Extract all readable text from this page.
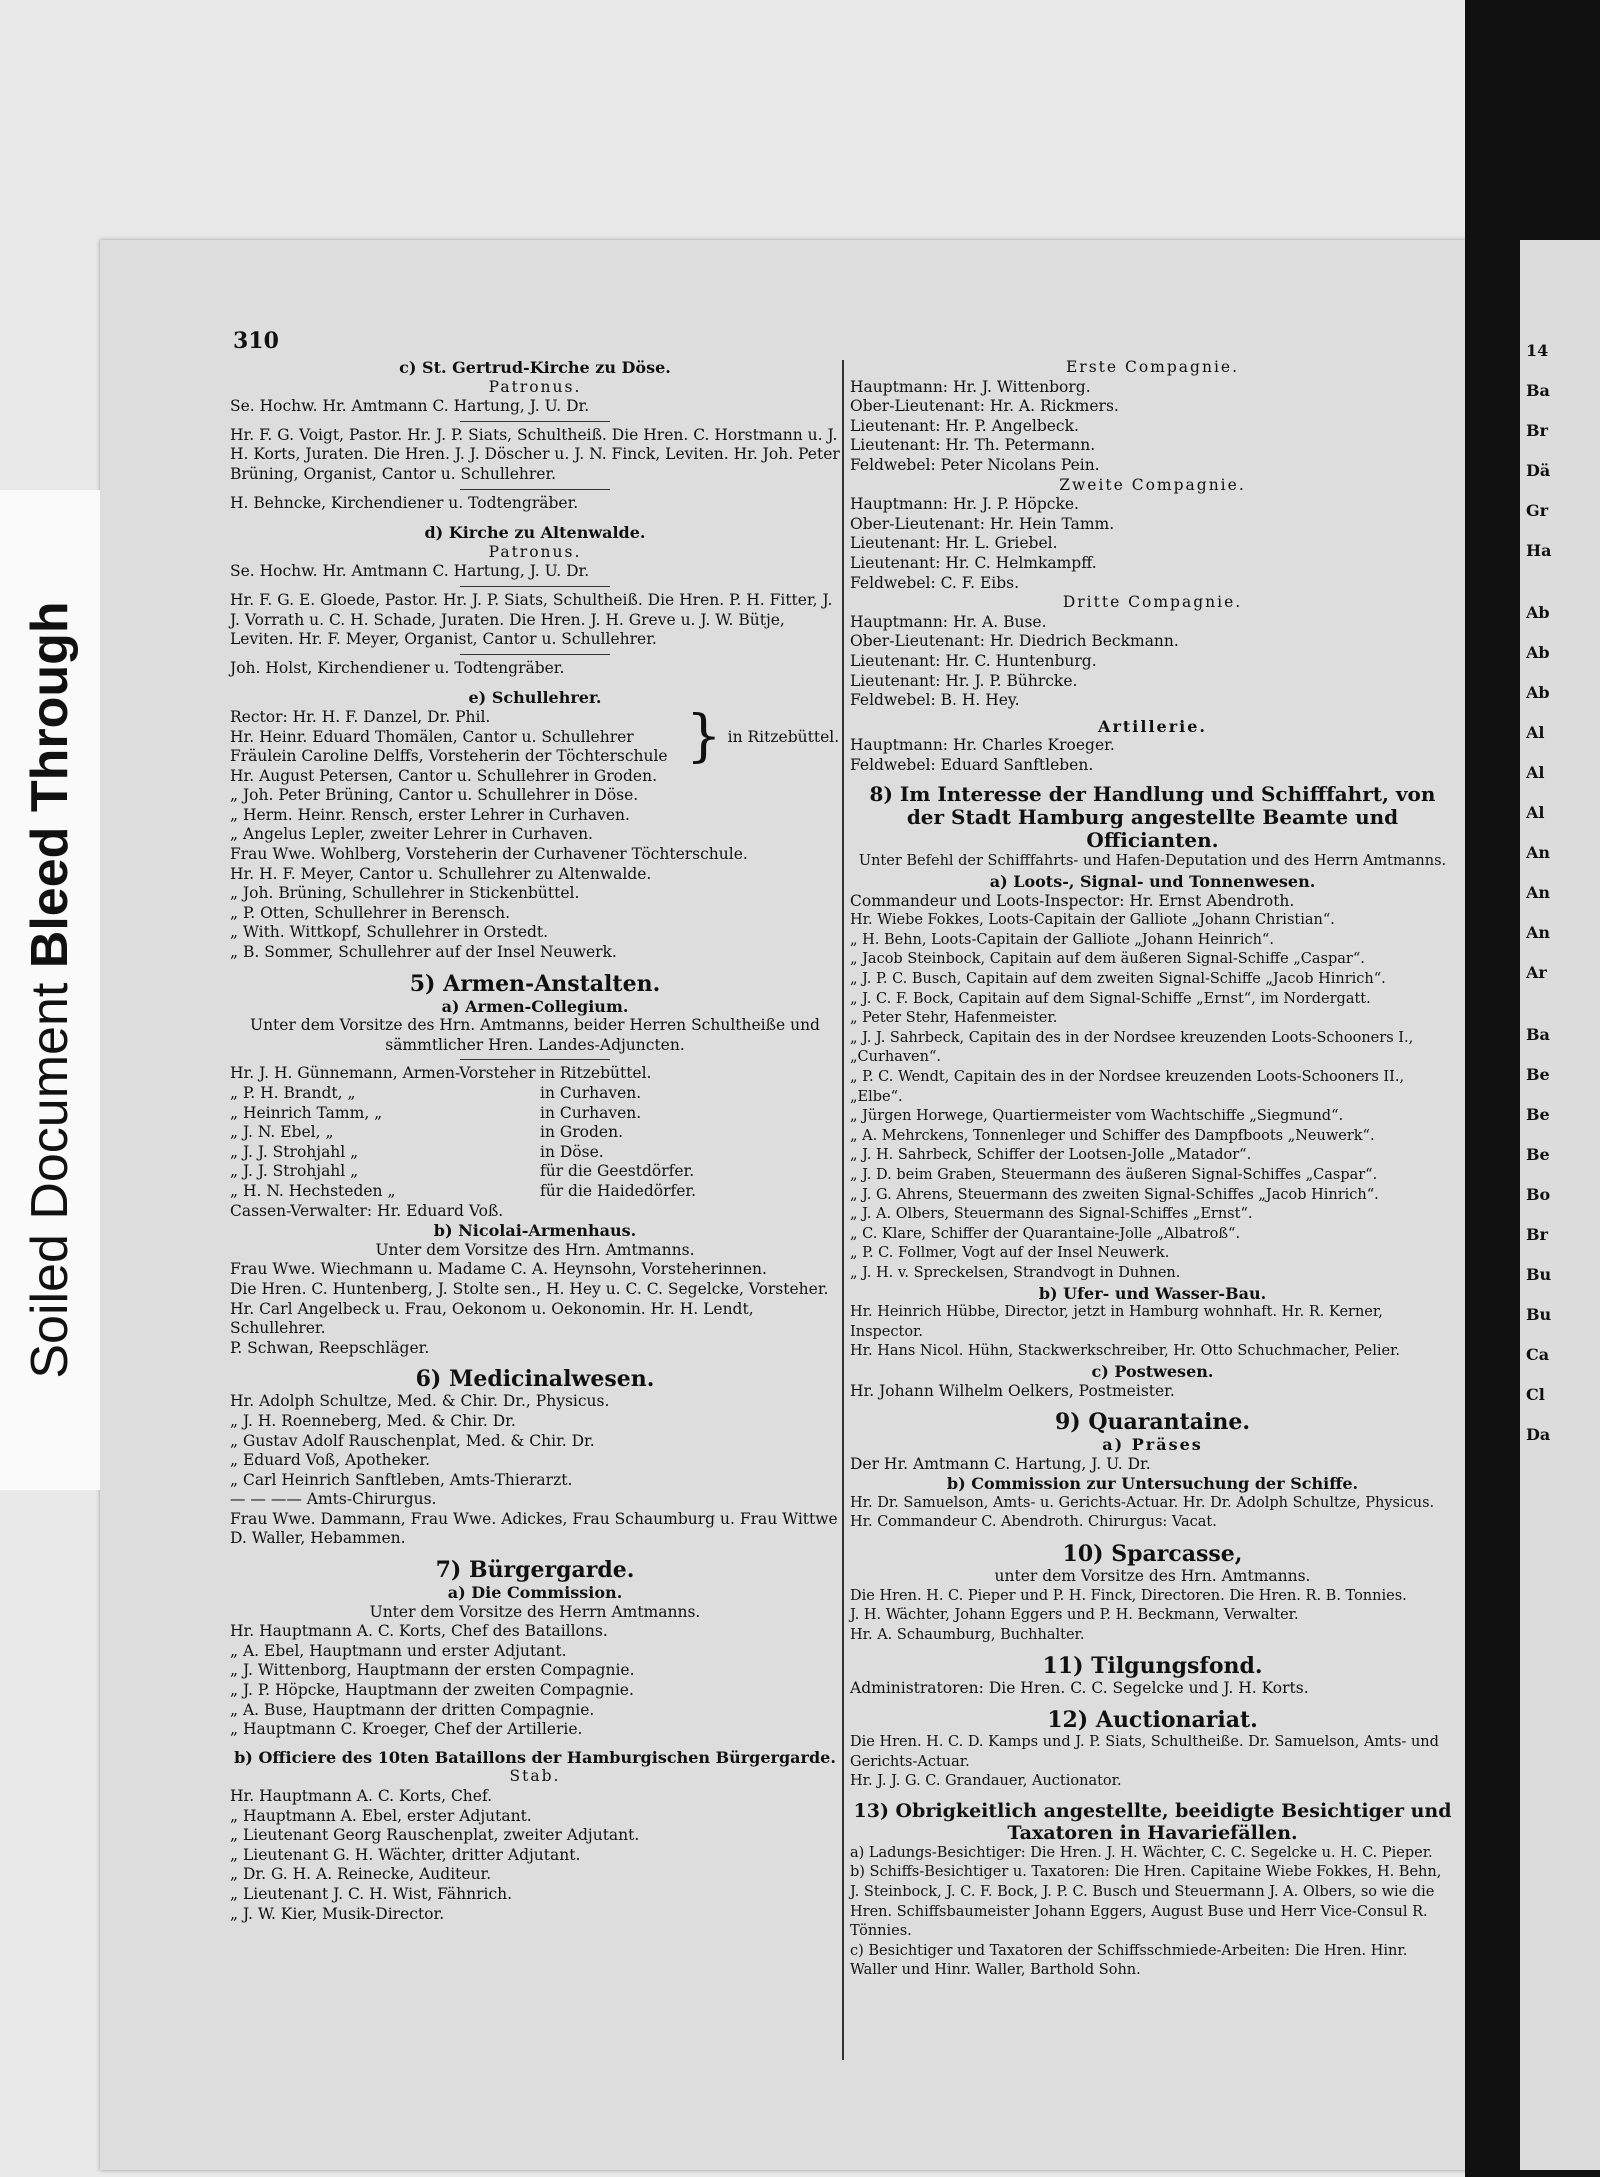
14
Ba
Br
Dä
Gr
Ha
Ab
Ab
Ab
Al
Al
Al
An
An
An
Ar
Ba
Be
Be
Be
Bo
Br
Bu
Bu
Ca
Cl
Da
Soiled Document Bleed Through
310
c) St. Gertrud-Kirche zu Döse.
Patronus.
Se. Hochw. Hr. Amtmann C. Hartung, J. U. Dr.
Hr. F. G. Voigt, Pastor. Hr. J. P. Siats, Schultheiß. Die Hren. C. Horstmann u. J. H. Korts, Juraten. Die Hren. J. J. Döscher u. J. N. Finck, Leviten. Hr. Joh. Peter Brüning, Organist, Cantor u. Schullehrer.
H. Behncke, Kirchendiener u. Todtengräber.
d) Kirche zu Altenwalde.
Patronus.
Se. Hochw. Hr. Amtmann C. Hartung, J. U. Dr.
Hr. F. G. E. Gloede, Pastor. Hr. J. P. Siats, Schultheiß. Die Hren. P. H. Fitter, J. J. Vorrath u. C. H. Schade, Juraten. Die Hren. J. H. Greve u. J. W. Bütje, Leviten. Hr. F. Meyer, Organist, Cantor u. Schullehrer.
Joh. Holst, Kirchendiener u. Todtengräber.
e) Schullehrer.
Rector: Hr. H. F. Danzel, Dr. Phil.
Hr. Heinr. Eduard Thomälen, Cantor u. Schullehrer
Fräulein Caroline Delffs, Vorsteherin der Töchterschule } in Ritzebüttel.
Hr. August Petersen, Cantor u. Schullehrer in Groden.
„ Joh. Peter Brüning, Cantor u. Schullehrer in Döse.
„ Herm. Heinr. Rensch, erster Lehrer in Curhaven.
„ Angelus Lepler, zweiter Lehrer in Curhaven.
Frau Wwe. Wohlberg, Vorsteherin der Curhavener Töchterschule.
Hr. H. F. Meyer, Cantor u. Schullehrer zu Altenwalde.
„ Joh. Brüning, Schullehrer in Stickenbüttel.
„ P. Otten, Schullehrer in Berensch.
„ With. Wittkopf, Schullehrer in Orstedt.
„ B. Sommer, Schullehrer auf der Insel Neuwerk.
5) Armen-Anstalten.
a) Armen-Collegium.
Unter dem Vorsitze des Hrn. Amtmanns, beider Herren Schultheiße und sämmtlicher Hren. Landes-Adjuncten.
Hr. J. H. Günnemann, Armen-Vorsteher in Ritzebüttel.
„ P. H. Brandt, „	in Curhaven.
„ Heinrich Tamm, „	in Curhaven.
„ J. N. Ebel, „	in Groden.
„ J. J. Strohjahl „	in Döse.
„ J. J. Strohjahl „	für die Geestdörfer.
„ H. N. Hechsteden „	für die Haidedörfer.
Cassen-Verwalter: Hr. Eduard Voß.
b) Nicolai-Armenhaus.
Unter dem Vorsitze des Hrn. Amtmanns.
Frau Wwe. Wiechmann u. Madame C. A. Heynsohn, Vorsteherinnen.
Die Hren. C. Huntenberg, J. Stolte sen., H. Hey u. C. C. Segelcke, Vorsteher.
Hr. Carl Angelbeck u. Frau, Oekonom u. Oekonomin. Hr. H. Lendt, Schullehrer.
P. Schwan, Reepschläger.
6) Medicinalwesen.
Hr. Adolph Schultze, Med. & Chir. Dr., Physicus.
„ J. H. Roenneberg, Med. & Chir. Dr.
„ Gustav Adolf Rauschenplat, Med. & Chir. Dr.
„ Eduard Voß, Apotheker.
„ Carl Heinrich Sanftleben, Amts-Thierarzt.
— — —— Amts-Chirurgus.
Frau Wwe. Dammann, Frau Wwe. Adickes, Frau Schaumburg u. Frau Wittwe D. Waller, Hebammen.
7) Bürgergarde.
a) Die Commission.
Unter dem Vorsitze des Herrn Amtmanns.
Hr. Hauptmann A. C. Korts, Chef des Bataillons.
„ A. Ebel, Hauptmann und erster Adjutant.
„ J. Wittenborg, Hauptmann der ersten Compagnie.
„ J. P. Höpcke, Hauptmann der zweiten Compagnie.
„ A. Buse, Hauptmann der dritten Compagnie.
„ Hauptmann C. Kroeger, Chef der Artillerie.
b) Officiere des 10ten Bataillons der Hamburgischen Bürgergarde.
Stab.
Hr. Hauptmann A. C. Korts, Chef.
„ Hauptmann A. Ebel, erster Adjutant.
„ Lieutenant Georg Rauschenplat, zweiter Adjutant.
„ Lieutenant G. H. Wächter, dritter Adjutant.
„ Dr. G. H. A. Reinecke, Auditeur.
„ Lieutenant J. C. H. Wist, Fähnrich.
„ J. W. Kier, Musik-Director.
Erste Compagnie.
Hauptmann: Hr. J. Wittenborg.
Ober-Lieutenant: Hr. A. Rickmers.
Lieutenant: Hr. P. Angelbeck.
Lieutenant: Hr. Th. Petermann.
Feldwebel: Peter Nicolans Pein.
Zweite Compagnie.
Hauptmann: Hr. J. P. Höpcke.
Ober-Lieutenant: Hr. Hein Tamm.
Lieutenant: Hr. L. Griebel.
Lieutenant: Hr. C. Helmkampff.
Feldwebel: C. F. Eibs.
Dritte Compagnie.
Hauptmann: Hr. A. Buse.
Ober-Lieutenant: Hr. Diedrich Beckmann.
Lieutenant: Hr. C. Huntenburg.
Lieutenant: Hr. J. P. Bührcke.
Feldwebel: B. H. Hey.
Artillerie.
Hauptmann: Hr. Charles Kroeger.
Feldwebel: Eduard Sanftleben.
8) Im Interesse der Handlung und Schifffahrt, von der Stadt Hamburg angestellte Beamte und Officianten.
Unter Befehl der Schifffahrts- und Hafen-Deputation und des Herrn Amtmanns.
a) Loots-, Signal- und Tonnenwesen.
Commandeur und Loots-Inspector: Hr. Ernst Abendroth.
Hr. Wiebe Fokkes, Loots-Capitain der Galliote „Johann Christian“.
„ H. Behn, Loots-Capitain der Galliote „Johann Heinrich“.
„ Jacob Steinbock, Capitain auf dem äußeren Signal-Schiffe „Caspar“.
„ J. P. C. Busch, Capitain auf dem zweiten Signal-Schiffe „Jacob Hinrich“.
„ J. C. F. Bock, Capitain auf dem Signal-Schiffe „Ernst“, im Nordergatt.
„ Peter Stehr, Hafenmeister.
„ J. J. Sahrbeck, Capitain des in der Nordsee kreuzenden Loots-Schooners I., „Curhaven“.
„ P. C. Wendt, Capitain des in der Nordsee kreuzenden Loots-Schooners II., „Elbe“.
„ Jürgen Horwege, Quartiermeister vom Wachtschiffe „Siegmund“.
„ A. Mehrckens, Tonnenleger und Schiffer des Dampfboots „Neuwerk“.
„ J. H. Sahrbeck, Schiffer der Lootsen-Jolle „Matador“.
„ J. D. beim Graben, Steuermann des äußeren Signal-Schiffes „Caspar“.
„ J. G. Ahrens, Steuermann des zweiten Signal-Schiffes „Jacob Hinrich“.
„ J. A. Olbers, Steuermann des Signal-Schiffes „Ernst“.
„ C. Klare, Schiffer der Quarantaine-Jolle „Albatroß“.
„ P. C. Follmer, Vogt auf der Insel Neuwerk.
„ J. H. v. Spreckelsen, Strandvogt in Duhnen.
b) Ufer- und Wasser-Bau.
Hr. Heinrich Hübbe, Director, jetzt in Hamburg wohnhaft. Hr. R. Kerner, Inspector.
Hr. Hans Nicol. Hühn, Stackwerkschreiber, Hr. Otto Schuchmacher, Pelier.
c) Postwesen.
Hr. Johann Wilhelm Oelkers, Postmeister.
9) Quarantaine.
a) Präses
Der Hr. Amtmann C. Hartung, J. U. Dr.
b) Commission zur Untersuchung der Schiffe.
Hr. Dr. Samuelson, Amts- u. Gerichts-Actuar. Hr. Dr. Adolph Schultze, Physicus.
Hr. Commandeur C. Abendroth. Chirurgus: Vacat.
10) Sparcasse,
unter dem Vorsitze des Hrn. Amtmanns.
Die Hren. H. C. Pieper und P. H. Finck, Directoren. Die Hren. R. B. Tonnies.
J. H. Wächter, Johann Eggers und P. H. Beckmann, Verwalter.
Hr. A. Schaumburg, Buchhalter.
11) Tilgungsfond.
Administratoren: Die Hren. C. C. Segelcke und J. H. Korts.
12) Auctionariat.
Die Hren. H. C. D. Kamps und J. P. Siats, Schultheiße. Dr. Samuelson, Amts- und Gerichts-Actuar.
Hr. J. J. G. C. Grandauer, Auctionator.
13) Obrigkeitlich angestellte, beeidigte Besichtiger und Taxatoren in Havariefällen.
a) Ladungs-Besichtiger: Die Hren. J. H. Wächter, C. C. Segelcke u. H. C. Pieper.
b) Schiffs-Besichtiger u. Taxatoren: Die Hren. Capitaine Wiebe Fokkes, H. Behn, J. Steinbock, J. C. F. Bock, J. P. C. Busch und Steuermann J. A. Olbers, so wie die Hren. Schiffsbaumeister Johann Eggers, August Buse und Herr Vice-Consul R. Tönnies.
c) Besichtiger und Taxatoren der Schiffsschmiede-Arbeiten: Die Hren. Hinr. Waller und Hinr. Waller, Barthold Sohn.
